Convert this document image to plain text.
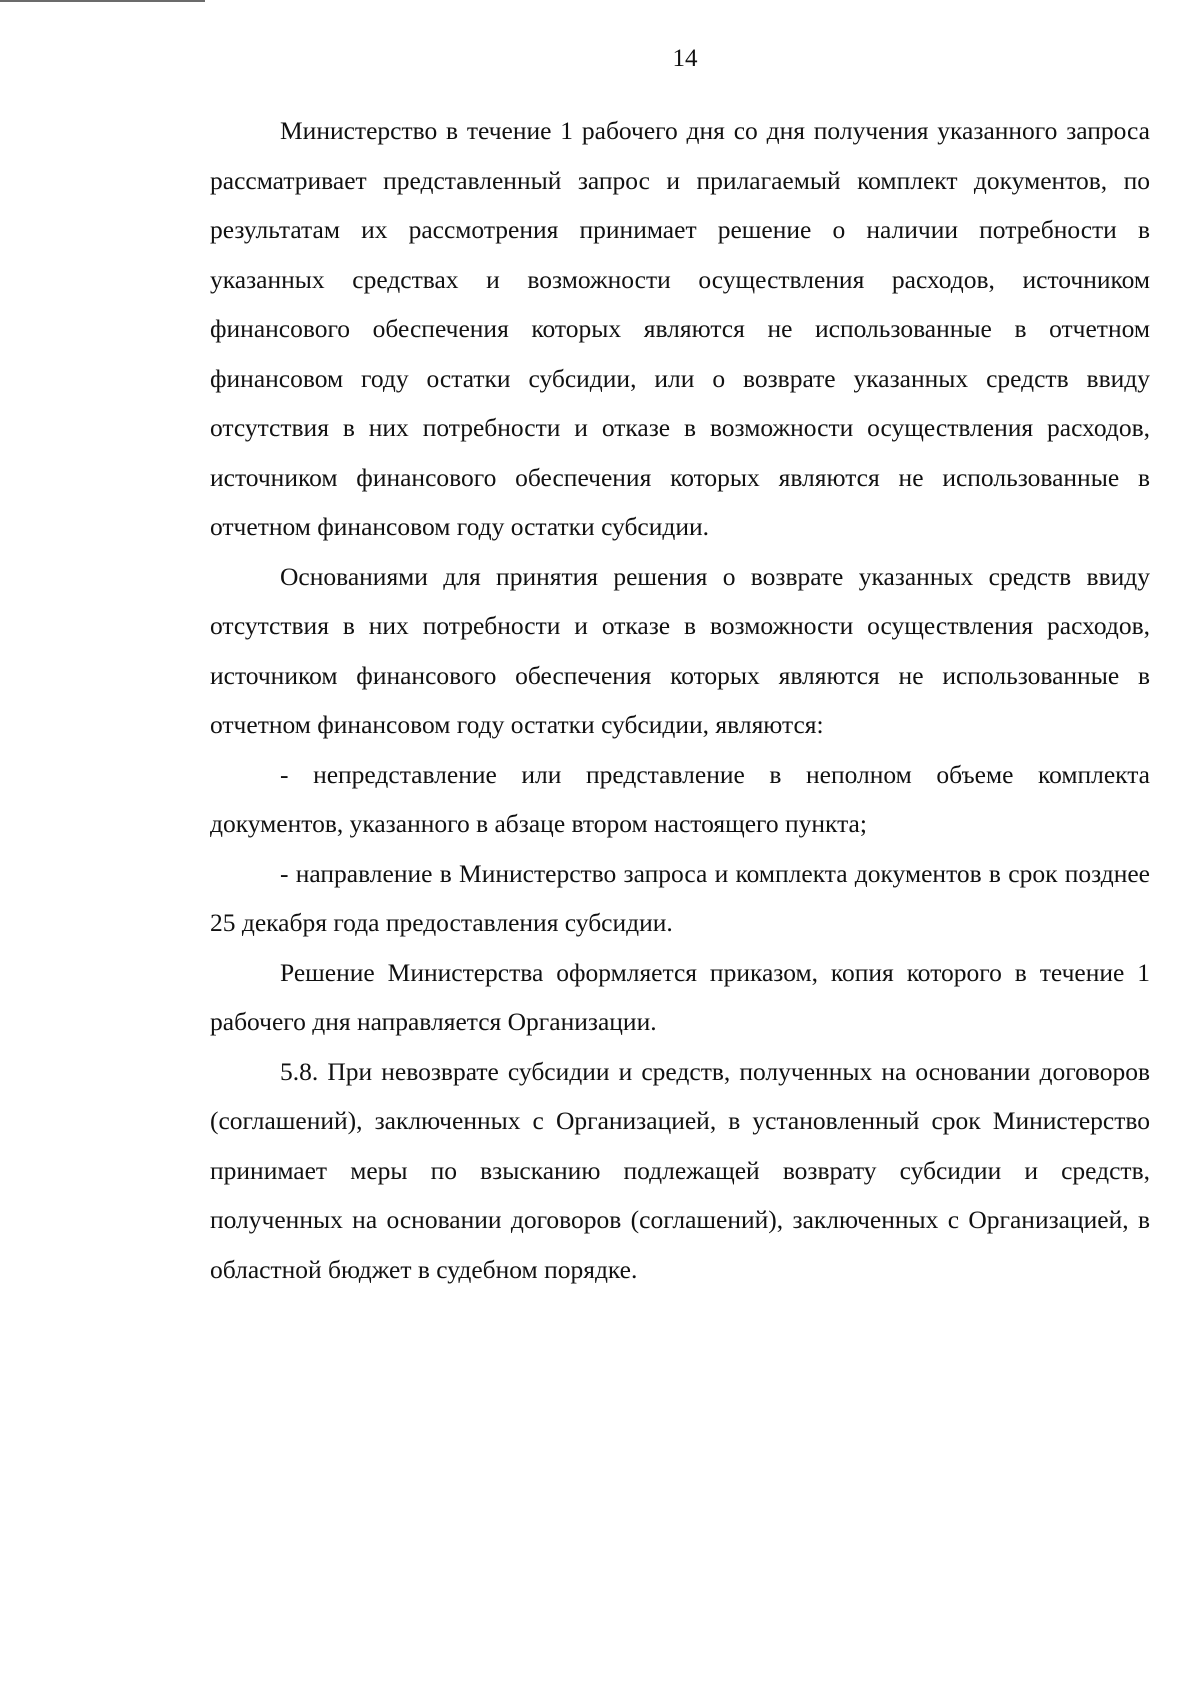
14

Министерство в течение 1 рабочего дня со дня получения указанного запроса рассматривает представленный запрос и прилагаемый комплект документов, по результатам их рассмотрения принимает решение о наличии потребности в указанных средствах и возможности осуществления расходов, источником финансового обеспечения которых являются не использованные в отчетном финансовом году остатки субсидии, или о возврате указанных средств ввиду отсутствия в них потребности и отказе в возможности осуществления расходов, источником финансового обеспечения которых являются не использованные в отчетном финансовом году остатки субсидии.

Основаниями для принятия решения о возврате указанных средств ввиду отсутствия в них потребности и отказе в возможности осуществления расходов, источником финансового обеспечения которых являются не использованные в отчетном финансовом году остатки субсидии, являются:

- непредставление или представление в неполном объеме комплекта документов, указанного в абзаце втором настоящего пункта;

- направление в Министерство запроса и комплекта документов в срок позднее 25 декабря года предоставления субсидии.

Решение Министерства оформляется приказом, копия которого в течение 1 рабочего дня направляется Организации.

5.8. При невозврате субсидии и средств, полученных на основании договоров (соглашений), заключенных с Организацией, в установленный срок Министерство принимает меры по взысканию подлежащей возврату субсидии и средств, полученных на основании договоров (соглашений), заключенных с Организацией, в областной бюджет в судебном порядке.
